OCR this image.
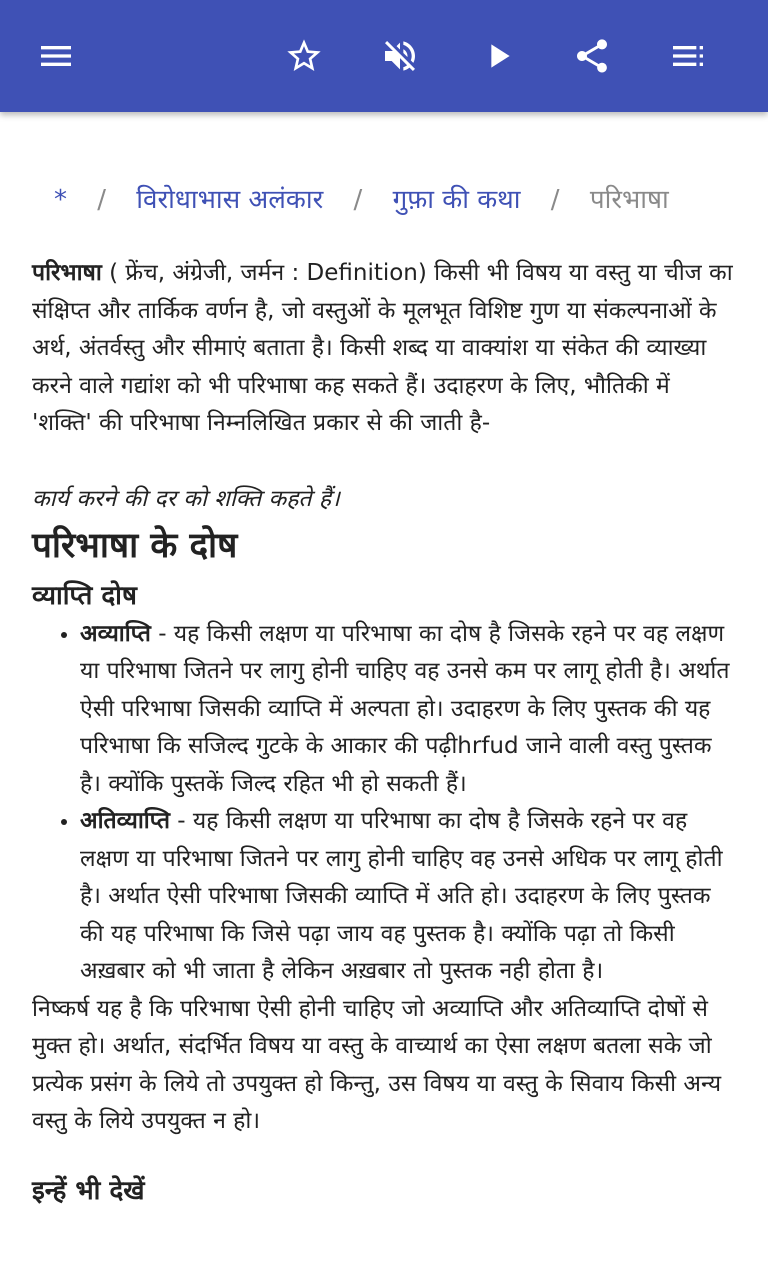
* / विरोधाभास अलंकार / गुफ़ा की कथा / परिभाषा

परिभाषा ( फ्रेंच, अंग्रेजी, जर्मन : Definition) किसी भी विषय या वस्तु या चीज का संक्षिप्त और तार्किक वर्णन है, जो वस्तुओं के मूलभूत विशिष्ट गुण या संकल्पनाओं के अर्थ, अंतर्वस्तु और सीमाएं बताता है। किसी शब्द या वाक्यांश या संकेत की व्याख्या करने वाले गद्यांश को भी परिभाषा कह सकते हैं। उदाहरण के लिए, भौतिकी में 'शक्ति' की परिभाषा निम्नलिखित प्रकार से की जाती है-

कार्य करने की दर को शक्ति कहते हैं।

परिभाषा के दोष
व्याप्ति दोष
• अव्याप्ति - यह किसी लक्षण या परिभाषा का दोष है जिसके रहने पर वह लक्षण या परिभाषा जितने पर लागु होनी चाहिए वह उनसे कम पर लागू होती है। अर्थात ऐसी परिभाषा जिसकी व्याप्ति में अल्पता हो। उदाहरण के लिए पुस्तक की यह परिभाषा कि सजिल्द गुटके के आकार की पढ़ीhrfud जाने वाली वस्तु पुस्तक है। क्योंकि पुस्तकें जिल्द रहित भी हो सकती हैं।
• अतिव्याप्ति - यह किसी लक्षण या परिभाषा का दोष है जिसके रहने पर वह लक्षण या परिभाषा जितने पर लागु होनी चाहिए वह उनसे अधिक पर लागू होती है। अर्थात ऐसी परिभाषा जिसकी व्याप्ति में अति हो। उदाहरण के लिए पुस्तक की यह परिभाषा कि जिसे पढ़ा जाय वह पुस्तक है। क्योंकि पढ़ा तो किसी अख़बार को भी जाता है लेकिन अख़बार तो पुस्तक नही होता है।

निष्कर्ष यह है कि परिभाषा ऐसी होनी चाहिए जो अव्याप्ति और अतिव्याप्ति दोषों से मुक्त हो। अर्थात, संदर्भित विषय या वस्तु के वाच्यार्थ का ऐसा लक्षण बतला सके जो प्रत्येक प्रसंग के लिये तो उपयुक्त हो किन्तु, उस विषय या वस्तु के सिवाय किसी अन्य वस्तु के लिये उपयुक्त न हो।

इन्हें भी देखें
